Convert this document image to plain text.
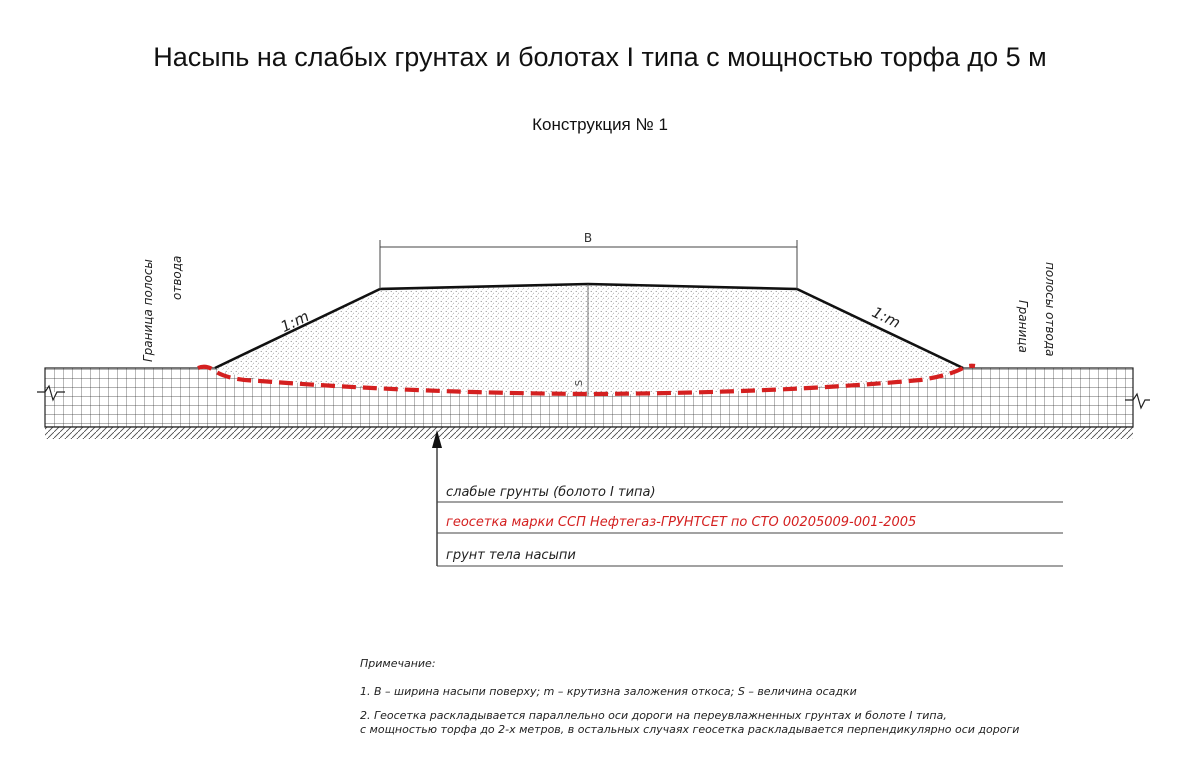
Насыпь на слабых грунтах и болотах I типа с мощностью торфа до 5 м
Конструкция № 1
B
1:m	1:m
S
Граница полосы отвода
Граница полосы отвода
слабые грунты (болото I типа)
геосетка марки ССП Нефтегаз-ГРУНТСЕТ по СТО 00205009-001-2005
грунт тела насыпи
Примечание:
1. B – ширина насыпи поверху; m – крутизна заложения откоса; S – величина осадки
2. Геосетка раскладывается параллельно оси дороги на переувлажненных грунтах и болоте I типа,
с мощностью торфа до 2-х метров, в остальных случаях геосетка раскладывается перпендикулярно оси дороги
